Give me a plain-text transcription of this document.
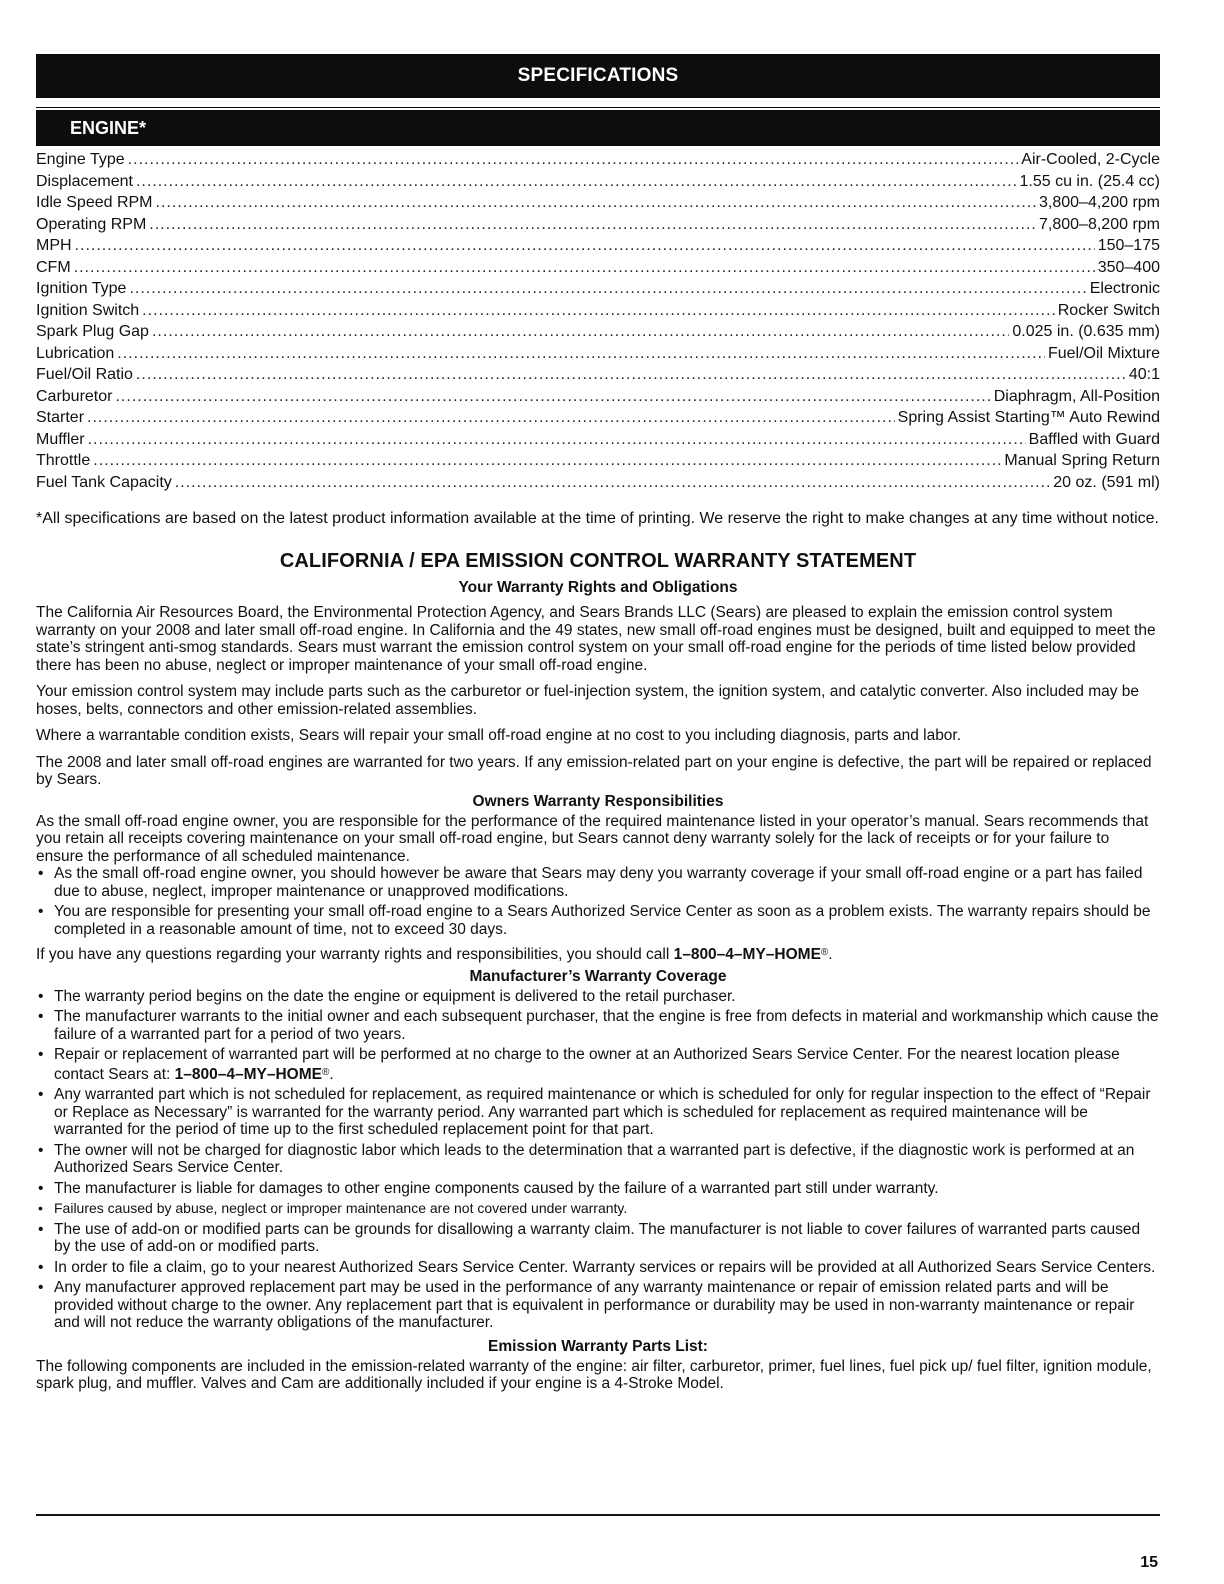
SPECIFICATIONS
ENGINE*
Engine Type .....	Air-Cooled, 2-Cycle
Displacement .....	1.55 cu in. (25.4 cc)
Idle Speed RPM .....	3,800–4,200 rpm
Operating RPM .....	7,800–8,200 rpm
MPH .....	150–175
CFM .....	350–400
Ignition Type .....	Electronic
Ignition Switch .....	Rocker Switch
Spark Plug Gap .....	0.025 in. (0.635 mm)
Lubrication .....	Fuel/Oil Mixture
Fuel/Oil Ratio .....	40:1
Carburetor .....	Diaphragm, All-Position
Starter .....	Spring Assist Starting™ Auto Rewind
Muffler .....	Baffled with Guard
Throttle .....	Manual Spring Return
Fuel Tank Capacity .....	20 oz. (591 ml)
*All specifications are based on the latest product information available at the time of printing. We reserve the right to make changes at any time without notice.
CALIFORNIA / EPA EMISSION CONTROL WARRANTY STATEMENT
Your Warranty Rights and Obligations

The California Air Resources Board, the Environmental Protection Agency, and Sears Brands LLC (Sears) are pleased to explain the emission control system warranty on your 2008 and later small off-road engine. In California and the 49 states, new small off-road engines must be designed, built and equipped to meet the state’s stringent anti-smog standards. Sears must warrant the emission control system on your small off-road engine for the periods of time listed below provided there has been no abuse, neglect or improper maintenance of your small off-road engine.

Your emission control system may include parts such as the carburetor or fuel-injection system, the ignition system, and catalytic converter. Also included may be hoses, belts, connectors and other emission-related assemblies.

Where a warrantable condition exists, Sears will repair your small off-road engine at no cost to you including diagnosis, parts and labor.

The 2008 and later small off-road engines are warranted for two years. If any emission-related part on your engine is defective, the part will be repaired or replaced by Sears.

Owners Warranty Responsibilities

As the small off-road engine owner, you are responsible for the performance of the required maintenance listed in your operator’s manual. Sears recommends that you retain all receipts covering maintenance on your small off-road engine, but Sears cannot deny warranty solely for the lack of receipts or for your failure to ensure the performance of all scheduled maintenance.

• As the small off-road engine owner, you should however be aware that Sears may deny you warranty coverage if your small off-road engine or a part has failed due to abuse, neglect, improper maintenance or unapproved modifications.
• You are responsible for presenting your small off-road engine to a Sears Authorized Service Center as soon as a problem exists. The warranty repairs should be completed in a reasonable amount of time, not to exceed 30 days.

If you have any questions regarding your warranty rights and responsibilities, you should call 1–800–4–MY–HOME®.

Manufacturer’s Warranty Coverage
• The warranty period begins on the date the engine or equipment is delivered to the retail purchaser.
• The manufacturer warrants to the initial owner and each subsequent purchaser, that the engine is free from defects in material and workmanship which cause the failure of a warranted part for a period of two years.
• Repair or replacement of warranted part will be performed at no charge to the owner at an Authorized Sears Service Center. For the nearest location please contact Sears at: 1–800–4–MY–HOME®.
• Any warranted part which is not scheduled for replacement, as required maintenance or which is scheduled for only for regular inspection to the effect of “Repair or Replace as Necessary” is warranted for the warranty period. Any warranted part which is scheduled for replacement as required maintenance will be warranted for the period of time up to the first scheduled replacement point for that part.
• The owner will not be charged for diagnostic labor which leads to the determination that a warranted part is defective, if the diagnostic work is performed at an Authorized Sears Service Center.
• The manufacturer is liable for damages to other engine components caused by the failure of a warranted part still under warranty.
• Failures caused by abuse, neglect or improper maintenance are not covered under warranty.
• The use of add-on or modified parts can be grounds for disallowing a warranty claim. The manufacturer is not liable to cover failures of warranted parts caused by the use of add-on or modified parts.
• In order to file a claim, go to your nearest Authorized Sears Service Center. Warranty services or repairs will be provided at all Authorized Sears Service Centers.
• Any manufacturer approved replacement part may be used in the performance of any warranty maintenance or repair of emission related parts and will be provided without charge to the owner. Any replacement part that is equivalent in performance or durability may be used in non-warranty maintenance or repair and will not reduce the warranty obligations of the manufacturer.
Emission Warranty Parts List:

The following components are included in the emission-related warranty of the engine: air filter, carburetor, primer, fuel lines, fuel pick up/ fuel filter, ignition module, spark plug, and muffler. Valves and Cam are additionally included if your engine is a 4-Stroke Model.

15
